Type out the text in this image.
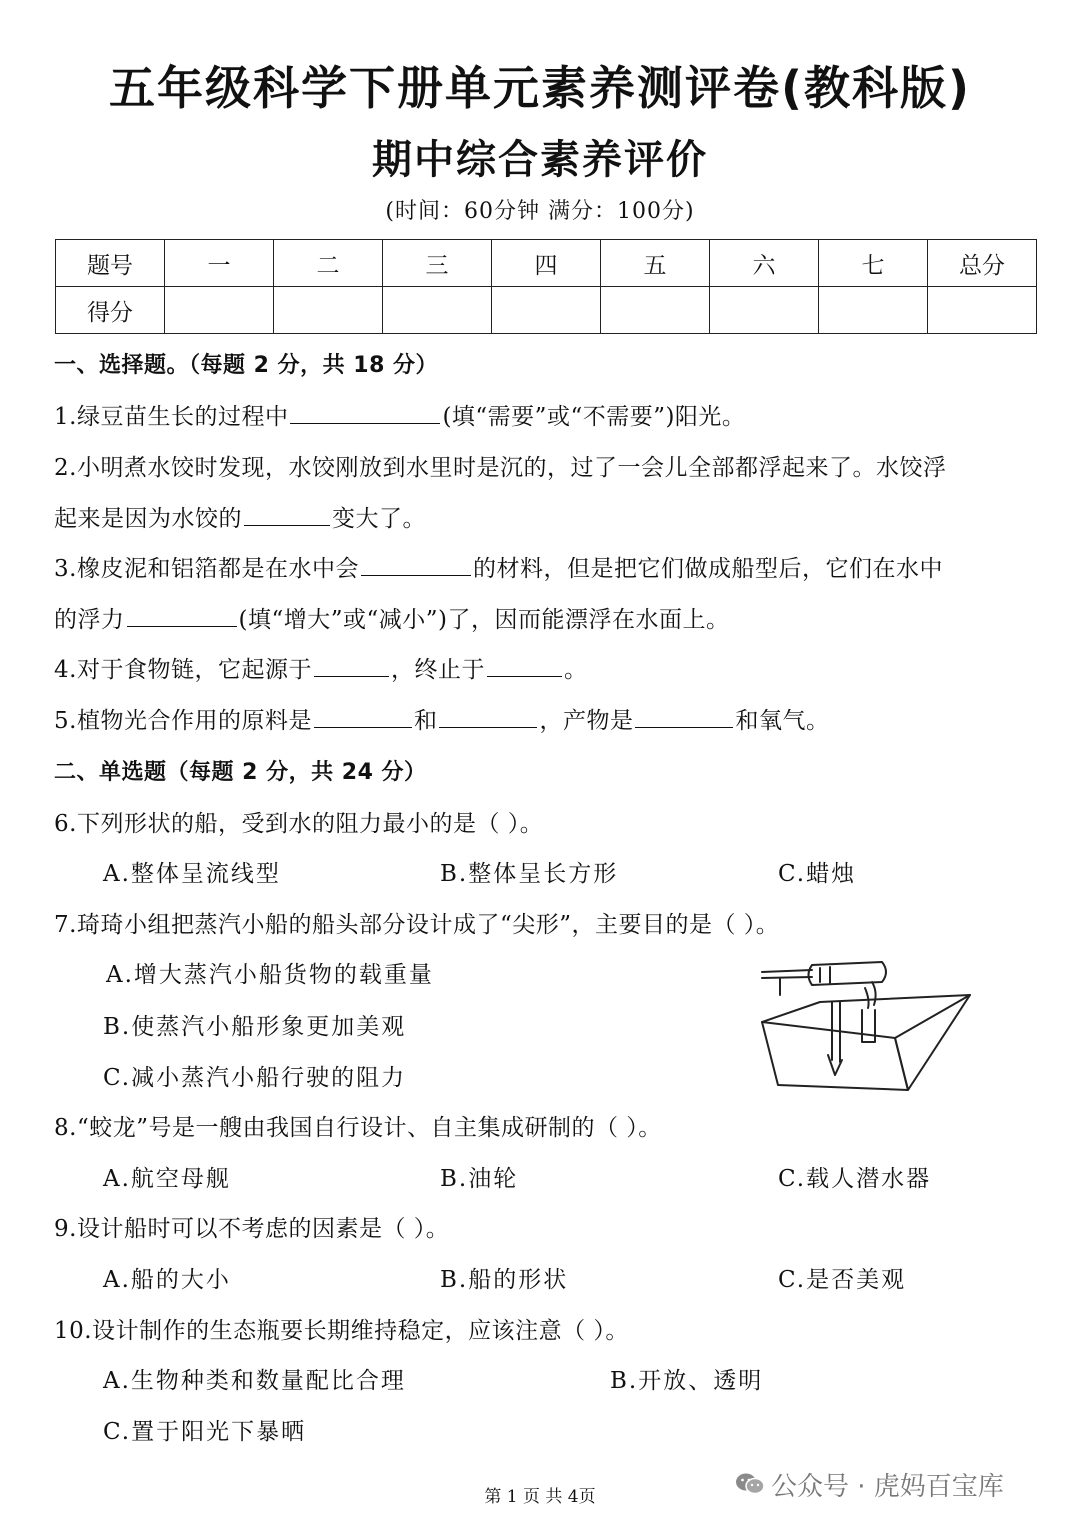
五年级科学下册单元素养测评卷(教科版)
期中综合素养评价
(时间：60分钟 满分：100分)
题号	一	二	三	四	五	六	七	总分
得分								
一、选择题。（每题 2 分，共 18 分）
1.绿豆苗生长的过程中	(填“需要”或“不需要”)阳光。
2.小明煮水饺时发现，水饺刚放到水里时是沉的，过了一会儿全部都浮起来了。水饺浮
起来是因为水饺的	变大了。
3.橡皮泥和铝箔都是在水中会	的材料，但是把它们做成船型后，它们在水中
的浮力	(填“增大”或“减小”)了，因而能漂浮在水面上。
4.对于食物链，它起源于	，终止于	。
5.植物光合作用的原料是	和	，产物是	和氧气。
二、单选题（每题 2 分，共 24 分）
6.下列形状的船，受到水的阻力最小的是（ ）。
A.整体呈流线型	B.整体呈长方形	C.蜡烛
7.琦琦小组把蒸汽小船的船头部分设计成了“尖形”，主要目的是（ ）。
A.增大蒸汽小船货物的载重量
B.使蒸汽小船形象更加美观
C.减小蒸汽小船行驶的阻力
8.“蛟龙”号是一艘由我国自行设计、自主集成研制的（ ）。
A.航空母舰	B.油轮	C.载人潜水器
9.设计船时可以不考虑的因素是（ ）。
A.船的大小	B.船的形状	C.是否美观
10.设计制作的生态瓶要长期维持稳定，应该注意（ ）。
A.生物种类和数量配比合理	B.开放、透明
C.置于阳光下暴晒
第 1 页 共 4页	公众号 · 虎妈百宝库
